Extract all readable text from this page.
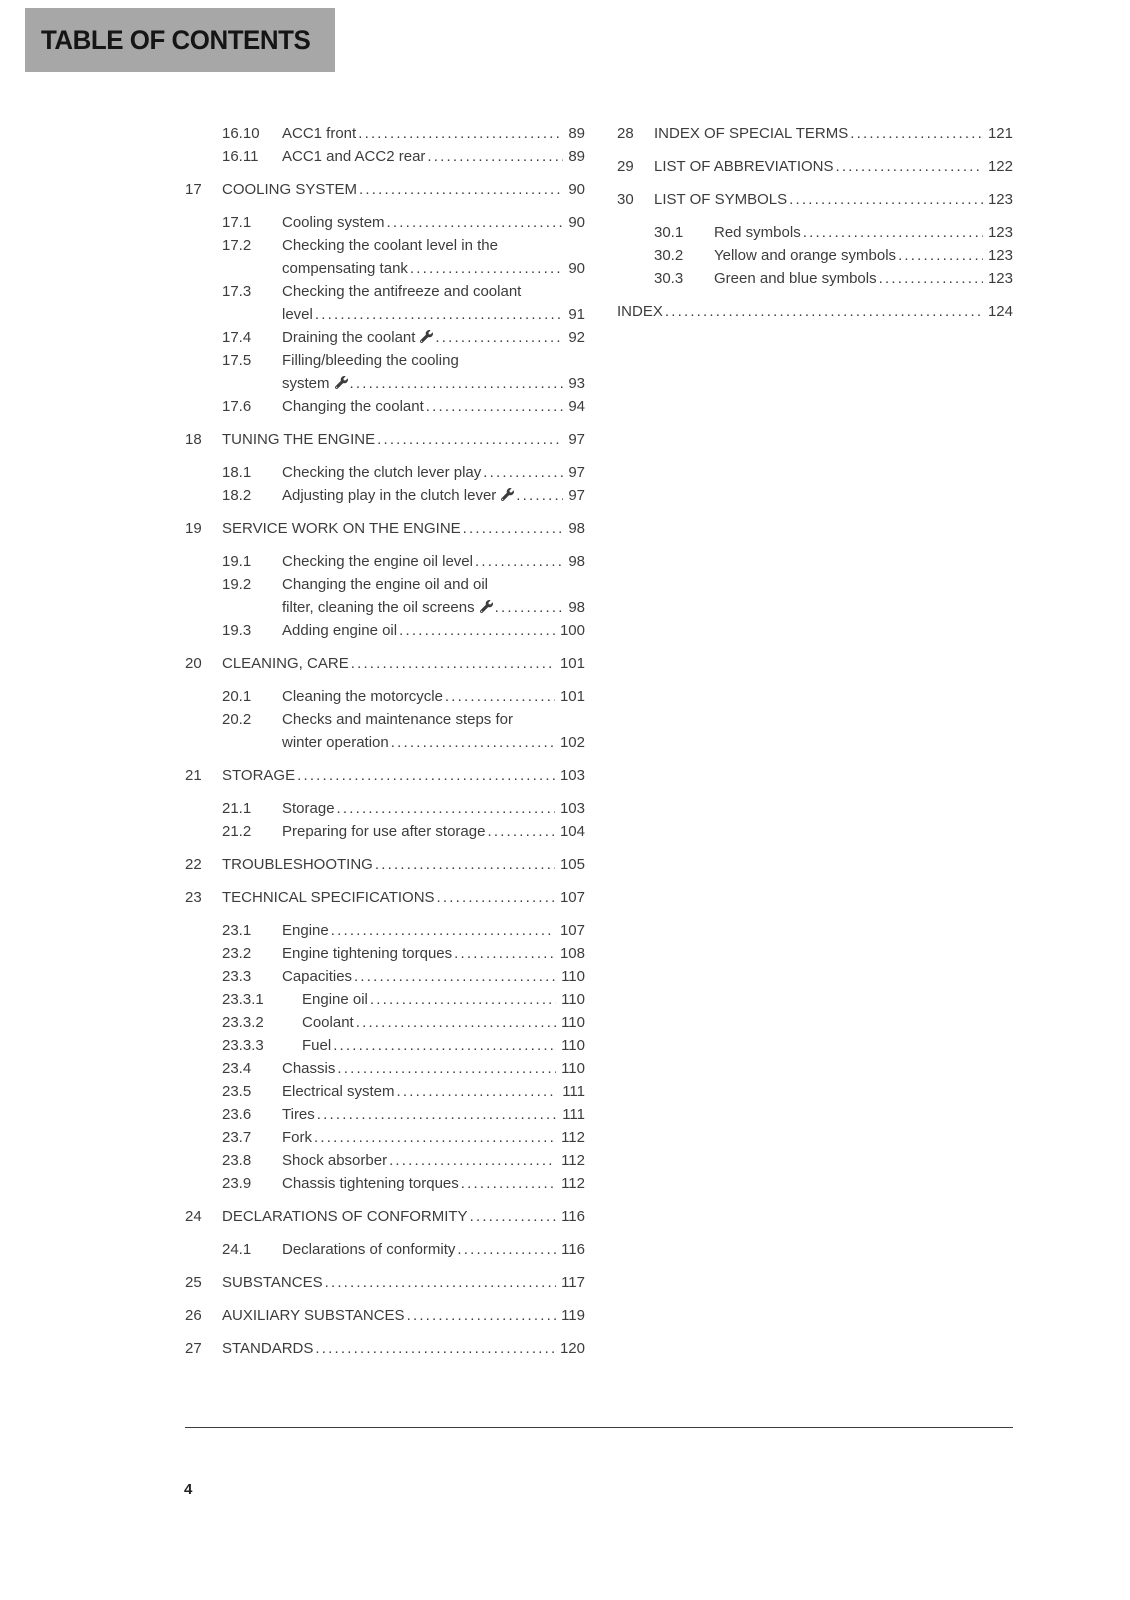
TABLE OF CONTENTS
16.10	ACC1 front .....	89
16.11	ACC1 and ACC2 rear .....	89
17	COOLING SYSTEM .....	90
17.1	Cooling system .....	90
17.2	Checking the coolant level in the
compensating tank .....	90
17.3	Checking the antifreeze and coolant
level .....	91
17.4	Draining the coolant .....	92
17.5	Filling/bleeding the cooling
system .....	93
17.6	Changing the coolant .....	94
18	TUNING THE ENGINE .....	97
18.1	Checking the clutch lever play .....	97
18.2	Adjusting play in the clutch lever .....	97
19	SERVICE WORK ON THE ENGINE .....	98
19.1	Checking the engine oil level .....	98
19.2	Changing the engine oil and oil
filter, cleaning the oil screens .....	98
19.3	Adding engine oil .....	100
20	CLEANING, CARE .....	101
20.1	Cleaning the motorcycle .....	101
20.2	Checks and maintenance steps for
winter operation .....	102
21	STORAGE .....	103
21.1	Storage .....	103
21.2	Preparing for use after storage .....	104
22	TROUBLESHOOTING .....	105
23	TECHNICAL SPECIFICATIONS .....	107
23.1	Engine .....	107
23.2	Engine tightening torques .....	108
23.3	Capacities .....	110
23.3.1	Engine oil .....	110
23.3.2	Coolant .....	110
23.3.3	Fuel .....	110
23.4	Chassis .....	110
23.5	Electrical system .....	111
23.6	Tires .....	111
23.7	Fork .....	112
23.8	Shock absorber .....	112
23.9	Chassis tightening torques .....	112
24	DECLARATIONS OF CONFORMITY .....	116
24.1	Declarations of conformity .....	116
25	SUBSTANCES .....	117
26	AUXILIARY SUBSTANCES .....	119
27	STANDARDS .....	120
28	INDEX OF SPECIAL TERMS .....	121
29	LIST OF ABBREVIATIONS .....	122
30	LIST OF SYMBOLS .....	123
30.1	Red symbols .....	123
30.2	Yellow and orange symbols .....	123
30.3	Green and blue symbols .....	123
INDEX .....	124
4
